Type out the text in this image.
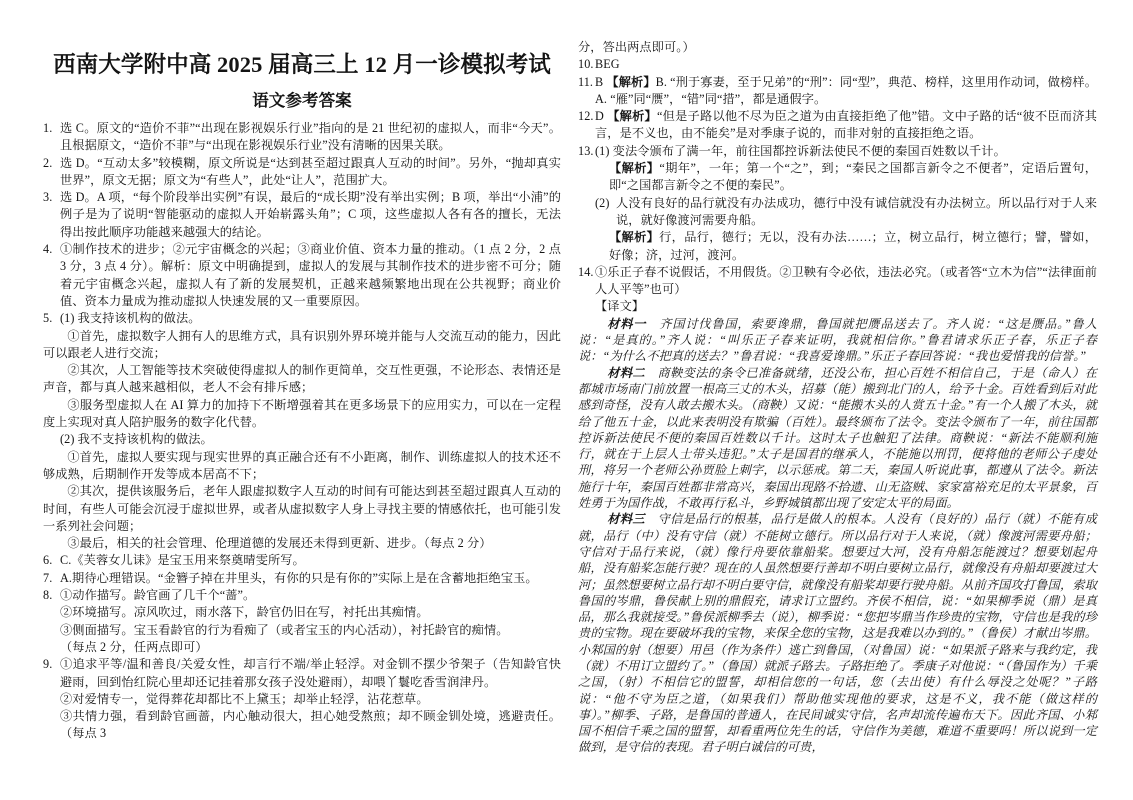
西南大学附中高 2025 届高三上 12 月一诊模拟考试
语文参考答案
1. 选 C。原文的“造价不菲”“出现在影视娱乐行业”指向的是 21 世纪初的虚拟人，而非“今天”。且根据原文，“造价不菲”与“出现在影视娱乐行业”没有清晰的因果关联。
2. 选 D。“互动太多”较模糊，原文所说是“达到甚至超过跟真人互动的时间”。另外，“抛却真实世界”，原文无据；原文为“有些人”，此处“让人”，范围扩大。
3. 选 D。A 项，“每个阶段举出实例”有误，最后的“成长期”没有举出实例；B 项，举出“小浦”的例子是为了说明“智能驱动的虚拟人开始崭露头角”；C 项，这些虚拟人各有各的擅长，无法得出按此顺序功能越来越强大的结论。
4. ①制作技术的进步；②元宇宙概念的兴起；③商业价值、资本力量的推动。（1 点 2 分，2 点 3 分，3 点 4 分）。解析：原文中明确提到，虚拟人的发展与其制作技术的进步密不可分；随着元宇宙概念兴起，虚拟人有了新的发展契机，正越来越频繁地出现在公共视野；商业价值、资本力量成为推动虚拟人快速发展的又一重要原因。
5. (1) 我支持该机构的做法。
①首先，虚拟数字人拥有人的思维方式，具有识别外界环境并能与人交流互动的能力，因此可以跟老人进行交流；
②其次，人工智能等技术突破使得虚拟人的制作更简单，交互性更强，不论形态、表情还是声音，都与真人越来越相似，老人不会有排斥感；
③服务型虚拟人在 AI 算力的加持下不断增强着其在更多场景下的应用实力，可以在一定程度上实现对真人陪护服务的数字化代替。
(2) 我不支持该机构的做法。
①首先，虚拟人要实现与现实世界的真正融合还有不小距离，制作、训练虚拟人的技术还不够成熟，后期制作开发等成本居高不下；
②其次，提供该服务后，老年人跟虚拟数字人互动的时间有可能达到甚至超过跟真人互动的时间，有些人可能会沉浸于虚拟世界，或者从虚拟数字人身上寻找主要的情感依托，也可能引发一系列社会问题；
③最后，相关的社会管理、伦理道德的发展还未得到更新、进步。（每点 2 分）
6. C.《芙蓉女儿诔》是宝玉用来祭奠晴雯所写。
7. A.期待心理错误。“金簪子掉在井里头，有你的只是有你的”实际上是在含蓄地拒绝宝玉。
8. ①动作描写。龄官画了几千个“蔷”。
②环境描写。凉风吹过，雨水落下，龄官仍旧在写，衬托出其痴情。
③侧面描写。宝玉看龄官的行为看痴了（或者宝玉的内心活动），衬托龄官的痴情。
（每点 2 分，任两点即可）
9. ①追求平等/温和善良/关爱女性，却言行不端/举止轻浮。对金钏不摆少爷架子（告知龄官快避雨，回到怡红院心里却还记挂着那女孩子没处避雨），却喂丫鬟吃香雪润津丹。
②对爱情专一，觉得葬花却都比不上黛玉；却举止轻浮，沾花惹草。
③共情力强，看到龄官画蔷，内心触动很大，担心她受熬煎；却不顾金钏处境，逃避责任。（每点 3
分，答出两点即可。）
10. BEG
11. B 【解析】B. “刑于寡妻，至于兄弟”的“刑”：同“型”，典范、榜样，这里用作动词，做榜样。A. “雁”同“赝”，“错”同“措”，都是通假字。
12. D 【解析】“但是子路以他不尽为臣之道为由直接拒绝了他”错。文中子路的话“彼不臣而济其言，是不义也，由不能矣”是对季康子说的，而非对射的直接拒绝之语。
13. (1) 变法令颁布了满一年，前往国都控诉新法使民不便的秦国百姓数以千计。
【解析】“期年”，一年；第一个“之”，到；“秦民之国都言新令之不便者”，定语后置句，即“之国都言新令之不便的秦民”。
(2) 人没有良好的品行就没有办法成功，德行中没有诚信就没有办法树立。所以品行对于人来说，就好像渡河需要舟船。
【解析】行，品行，德行；无以，没有办法……；立，树立品行，树立德行；譬，譬如，好像；济，过河，渡河。
14. ①乐正子春不说假话，不用假货。②卫鞅有令必依，违法必究。（或者答“立木为信”“法律面前人人平等”也可）
【译文】
材料一　齐国讨伐鲁国，索要谗鼎，鲁国就把赝品送去了。齐人说：“这是赝品。”鲁人说：“是真的。”齐人说：“叫乐正子春来证明，我就相信你。”鲁君请求乐正子春，乐正子春说：“为什么不把真的送去？”鲁君说：“我喜爱谗鼎。”乐正子春回答说：“我也爱惜我的信誉。”
材料二　商鞅变法的条令已准备就绪，还没公布，担心百姓不相信自己，于是（命人）在都城市场南门前放置一根高三丈的木头，招募（能）搬到北门的人，给予十金。百姓看到后对此感到奇怪，没有人敢去搬木头。（商鞅）又说：“能搬木头的人赏五十金。”有一个人搬了木头，就给了他五十金，以此来表明没有欺骗（百姓）。最终颁布了法令。变法令颁布了一年，前往国都控诉新法使民不便的秦国百姓数以千计。这时太子也触犯了法律。商鞅说：“新法不能顺利施行，就在于上层人士带头违犯。”太子是国君的继承人，不能施以刑罚，便将他的老师公子虔处刑，将另一个老师公孙贾脸上刺字，以示惩戒。第二天，秦国人听说此事，都遵从了法令。新法施行十年，秦国百姓都非常高兴，秦国出现路不拾遗、山无盗贼、家家富裕充足的太平景象，百姓勇于为国作战，不敢再行私斗，乡野城镇都出现了安定太平的局面。
材料三　守信是品行的根基，品行是做人的根本。人没有（良好的）品行（就）不能有成就，品行（中）没有守信（就）不能树立德行。所以品行对于人来说，（就）像渡河需要舟船；守信对于品行来说，（就）像行舟要依靠船桨。想要过大河，没有舟船怎能渡过？想要划起舟船，没有船桨怎能行驶？现在的人虽然想要行善却不明白要树立品行，就像没有舟船却要渡过大河；虽然想要树立品行却不明白要守信，就像没有船桨却要行驶舟船。从前齐国攻打鲁国，索取鲁国的岑鼎，鲁侯献上别的鼎假充，请求订立盟约。齐侯不相信，说：“如果柳季说（鼎）是真品，那么我就接受。”鲁侯派柳季去（说），柳季说：“您把岑鼎当作珍贵的宝物，守信也是我的珍贵的宝物。现在要破坏我的宝物，来保全您的宝物，这是我难以办到的。”（鲁侯）才献出岑鼎。小邾国的射（想要）用邑（作为条件）逃亡到鲁国，（对鲁国）说：“如果派子路来与我约定，我（就）不用订立盟约了。”（鲁国）就派子路去。子路拒绝了。季康子对他说：“（鲁国作为）千乘之国，（射）不相信它的盟誓，却相信您的一句话，您（去出使）有什么辱没之处呢？”子路说：“他不守为臣之道，（如果我们）帮助他实现他的要求，这是不义，我不能（做这样的事）。”柳季、子路，是鲁国的普通人，在民间诚实守信，名声却流传遍布天下。因此齐国、小邾国不相信千乘之国的盟誓，却看重两位先生的话，守信作为美德，难道不重要吗！所以说到一定做到，是守信的表现。君子明白诚信的可贵，
